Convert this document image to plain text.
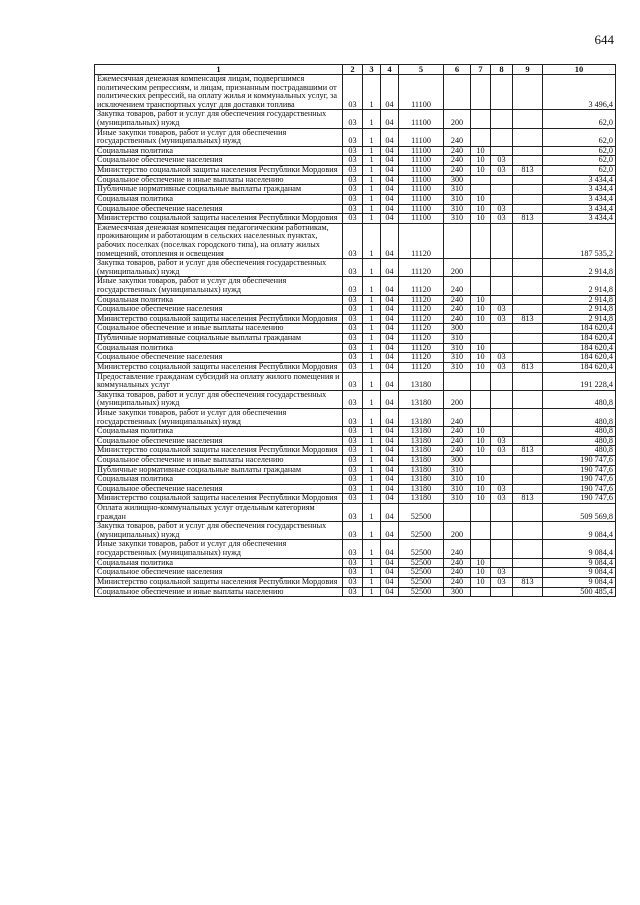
644
1	2	3	4	5	6	7	8	9	10
Ежемесячная денежная компенсация лицам, подвергшимся политическим репрессиям, и лицам, признанным пострадавшими от политических репрессий, на оплату жилья и коммунальных услуг, за исключением транспортных услуг для доставки топлива	03	1	04	11100					3 496,4
Закупка товаров, работ и услуг для обеспечения государственных (муниципальных) нужд	03	1	04	11100	200				62,0
Иные закупки товаров, работ и услуг для обеспечения государственных (муниципальных) нужд	03	1	04	11100	240				62,0
Социальная политика	03	1	04	11100	240	10			62,0
Социальное обеспечение населения	03	1	04	11100	240	10	03		62,0
Министерство социальной защиты населения Республики Мордовия	03	1	04	11100	240	10	03	813	62,0
Социальное обеспечение и иные выплаты населению	03	1	04	11100	300				3 434,4
Публичные нормативные социальные выплаты гражданам	03	1	04	11100	310				3 434,4
Социальная политика	03	1	04	11100	310	10			3 434,4
Социальное обеспечение населения	03	1	04	11100	310	10	03		3 434,4
Министерство социальной защиты населения Республики Мордовия	03	1	04	11100	310	10	03	813	3 434,4
Ежемесячная денежная компенсация педагогическим работникам, проживающим и работающим в сельских населенных пунктах, рабочих поселках (поселках городского типа), на оплату жилых помещений, отопления и освещения	03	1	04	11120					187 535,2
Закупка товаров, работ и услуг для обеспечения государственных (муниципальных) нужд	03	1	04	11120	200				2 914,8
Иные закупки товаров, работ и услуг для обеспечения государственных (муниципальных) нужд	03	1	04	11120	240				2 914,8
Социальная политика	03	1	04	11120	240	10			2 914,8
Социальное обеспечение населения	03	1	04	11120	240	10	03		2 914,8
Министерство социальной защиты населения Республики Мордовия	03	1	04	11120	240	10	03	813	2 914,8
Социальное обеспечение и иные выплаты населению	03	1	04	11120	300				184 620,4
Публичные нормативные социальные выплаты гражданам	03	1	04	11120	310				184 620,4
Социальная политика	03	1	04	11120	310	10			184 620,4
Социальное обеспечение населения	03	1	04	11120	310	10	03		184 620,4
Министерство социальной защиты населения Республики Мордовия	03	1	04	11120	310	10	03	813	184 620,4
Предоставление гражданам субсидий на оплату жилого помещения и коммунальных услуг	03	1	04	13180					191 228,4
Закупка товаров, работ и услуг для обеспечения государственных (муниципальных) нужд	03	1	04	13180	200				480,8
Иные закупки товаров, работ и услуг для обеспечения государственных (муниципальных) нужд	03	1	04	13180	240				480,8
Социальная политика	03	1	04	13180	240	10			480,8
Социальное обеспечение населения	03	1	04	13180	240	10	03		480,8
Министерство социальной защиты населения Республики Мордовия	03	1	04	13180	240	10	03	813	480,8
Социальное обеспечение и иные выплаты населению	03	1	04	13180	300				190 747,6
Публичные нормативные социальные выплаты гражданам	03	1	04	13180	310				190 747,6
Социальная политика	03	1	04	13180	310	10			190 747,6
Социальное обеспечение населения	03	1	04	13180	310	10	03		190 747,6
Министерство социальной защиты населения Республики Мордовия	03	1	04	13180	310	10	03	813	190 747,6
Оплата жилищно-коммунальных услуг отдельным категориям граждан	03	1	04	52500					509 569,8
Закупка товаров, работ и услуг для обеспечения государственных (муниципальных) нужд	03	1	04	52500	200				9 084,4
Иные закупки товаров, работ и услуг для обеспечения государственных (муниципальных) нужд	03	1	04	52500	240				9 084,4
Социальная политика	03	1	04	52500	240	10			9 084,4
Социальное обеспечение населения	03	1	04	52500	240	10	03		9 084,4
Министерство социальной защиты населения Республики Мордовия	03	1	04	52500	240	10	03	813	9 084,4
Социальное обеспечение и иные выплаты населению	03	1	04	52500	300				500 485,4
